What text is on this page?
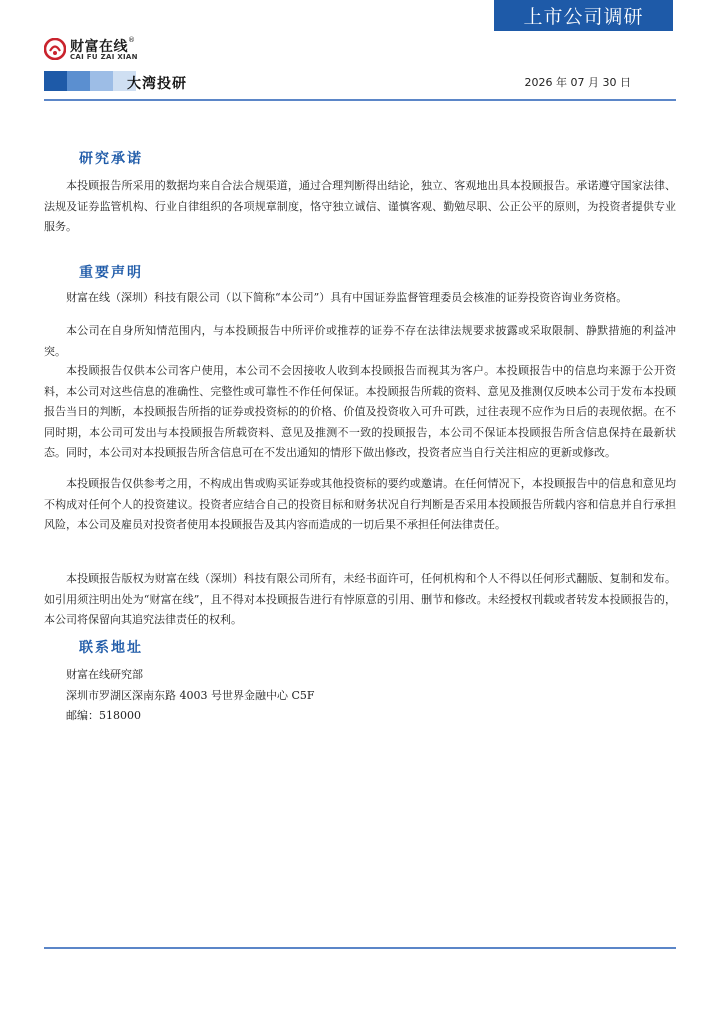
上市公司调研
财富在线®
CAI FU ZAI XIAN
大湾投研	2026 年 07 月 30 日
研究承诺

本投顾报告所采用的数据均来自合法合规渠道，通过合理判断得出结论，独立、客观地出具本投顾报告。承诺遵守国家法律、法规及证券监管机构、行业自律组织的各项规章制度，恪守独立诚信、谨慎客观、勤勉尽职、公正公平的原则，为投资者提供专业服务。

重要声明

财富在线（深圳）科技有限公司（以下简称“本公司”）具有中国证券监督管理委员会核准的证券投资咨询业务资格。

本公司在自身所知情范围内，与本投顾报告中所评价或推荐的证券不存在法律法规要求披露或采取限制、静默措施的利益冲突。

本投顾报告仅供本公司客户使用，本公司不会因接收人收到本投顾报告而视其为客户。本投顾报告中的信息均来源于公开资料，本公司对这些信息的准确性、完整性或可靠性不作任何保证。本投顾报告所载的资料、意见及推测仅反映本公司于发布本投顾报告当日的判断，本投顾报告所指的证券或投资标的的价格、价值及投资收入可升可跌，过往表现不应作为日后的表现依据。在不同时期，本公司可发出与本投顾报告所载资料、意见及推测不一致的投顾报告，本公司不保证本投顾报告所含信息保持在最新状态。同时，本公司对本投顾报告所含信息可在不发出通知的情形下做出修改，投资者应当自行关注相应的更新或修改。

本投顾报告仅供参考之用，不构成出售或购买证券或其他投资标的要约或邀请。在任何情况下，本投顾报告中的信息和意见均不构成对任何个人的投资建议。投资者应结合自己的投资目标和财务状况自行判断是否采用本投顾报告所载内容和信息并自行承担风险，本公司及雇员对投资者使用本投顾报告及其内容而造成的一切后果不承担任何法律责任。

本投顾报告版权为财富在线（深圳）科技有限公司所有，未经书面许可，任何机构和个人不得以任何形式翻版、复制和发布。如引用须注明出处为“财富在线”，且不得对本投顾报告进行有悖原意的引用、删节和修改。未经授权刊载或者转发本投顾报告的，本公司将保留向其追究法律责任的权利。

联系地址
财富在线研究部
深圳市罗湖区深南东路 4003 号世界金融中心 C5F
邮编：518000
